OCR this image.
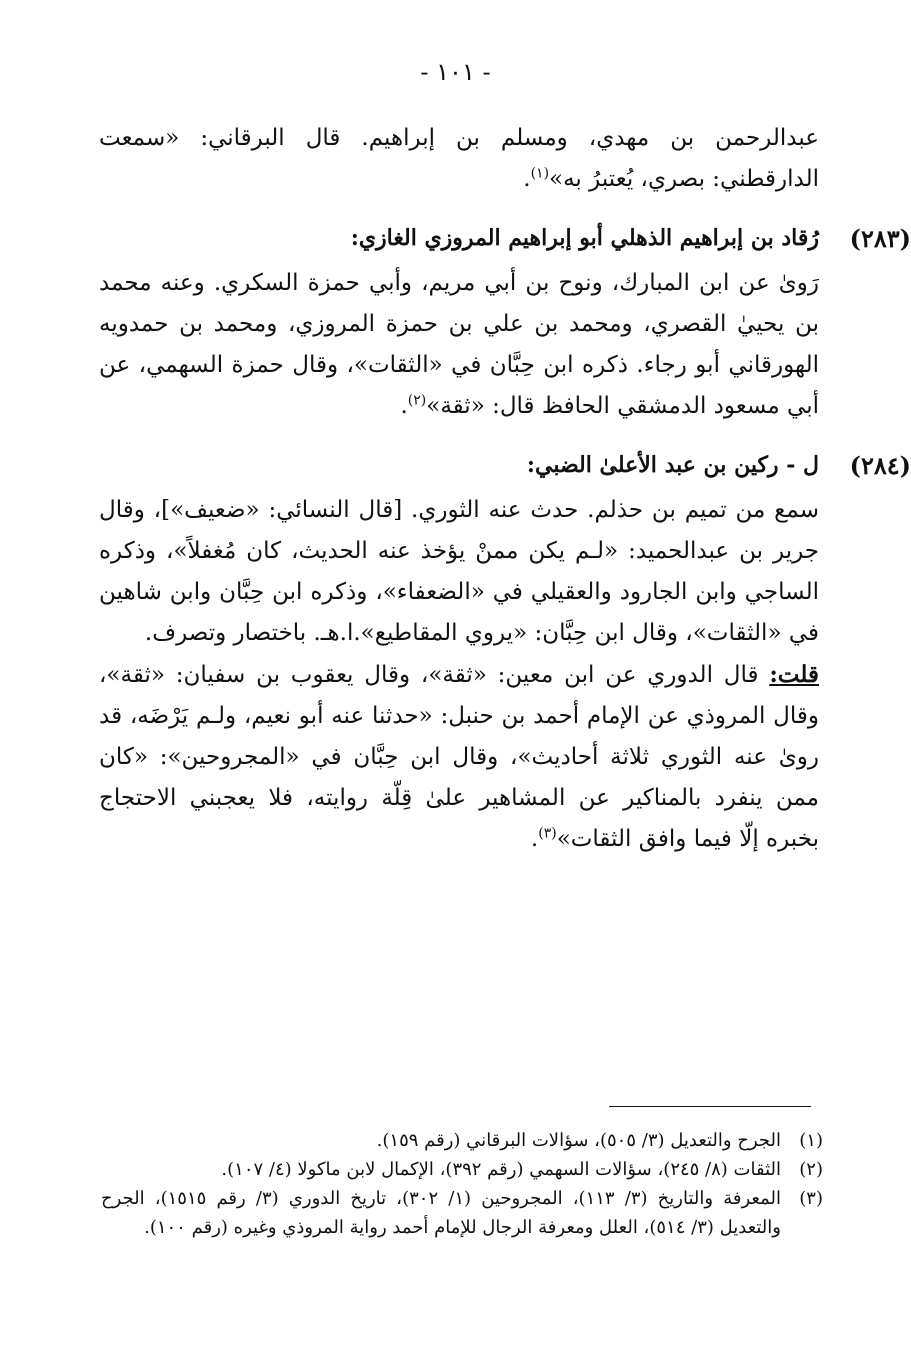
- ١٠١ -

عبدالرحمن بن مهدي، ومسلم بن إبراهيم. قال البرقاني: «سمعت الدارقطني: بصري، يُعتبرُ به»$^{(١)}$.

(٢٨٣)
رُقاد بن إبراهيم الذهلي أبو إبراهيم المروزي الغازي:

رَوىٰ عن ابن المبارك، ونوح بن أبي مريم، وأبي حمزة السكري. وعنه محمد بن يحييٰ القصري، ومحمد بن علي بن حمزة المروزي، ومحمد بن حمدويه الهورقاني أبو رجاء. ذكره ابن حِبَّان في «الثقات»، وقال حمزة السهمي، عن أبي مسعود الدمشقي الحافظ قال: «ثقة»$^{(٢)}$.

(٢٨٤)
ل - ركين بن عبد الأعلىٰ الضبي:

سمع من تميم بن حذلم. حدث عنه الثوري. [قال النسائي: «ضعيف»]، وقال جرير بن عبدالحميد: «لـم يكن ممنْ يؤخذ عنه الحديث، كان مُغفلاً»، وذكره الساجي وابن الجارود والعقيلي في «الضعفاء»، وذكره ابن حِبَّان وابن شاهين في «الثقات»، وقال ابن حِبَّان: «يروي المقاطيع».ا.هـ. باختصار وتصرف.

قلت: قال الدوري عن ابن معين: «ثقة»، وقال يعقوب بن سفيان: «ثقة»، وقال المروذي عن الإمام أحمد بن حنبل: «حدثنا عنه أبو نعيم، ولـم يَرْضَه، قد روىٰ عنه الثوري ثلاثة أحاديث»، وقال ابن حِبَّان في «المجروحين»: «كان ممن ينفرد بالمناكير عن المشاهير علىٰ قِلّة روايته، فلا يعجبني الاحتجاج بخبره إلّا فيما وافق الثقات»$^{(٣)}$.

(١)
الجرح والتعديل (٣/ ٥٠٥)، سؤالات البرقاني (رقم ١٥٩).
(٢)
الثقات (٨/ ٢٤٥)، سؤالات السهمي (رقم ٣٩٢)، الإكمال لابن ماكولا (٤/ ١٠٧).
(٣)
المعرفة والتاريخ (٣/ ١١٣)، المجروحين (١/ ٣٠٢)، تاريخ الدوري (٣/ رقم ١٥١٥)، الجرح والتعديل (٣/ ٥١٤)، العلل ومعرفة الرجال للإمام أحمد رواية المروذي وغيره (رقم ١٠٠).
